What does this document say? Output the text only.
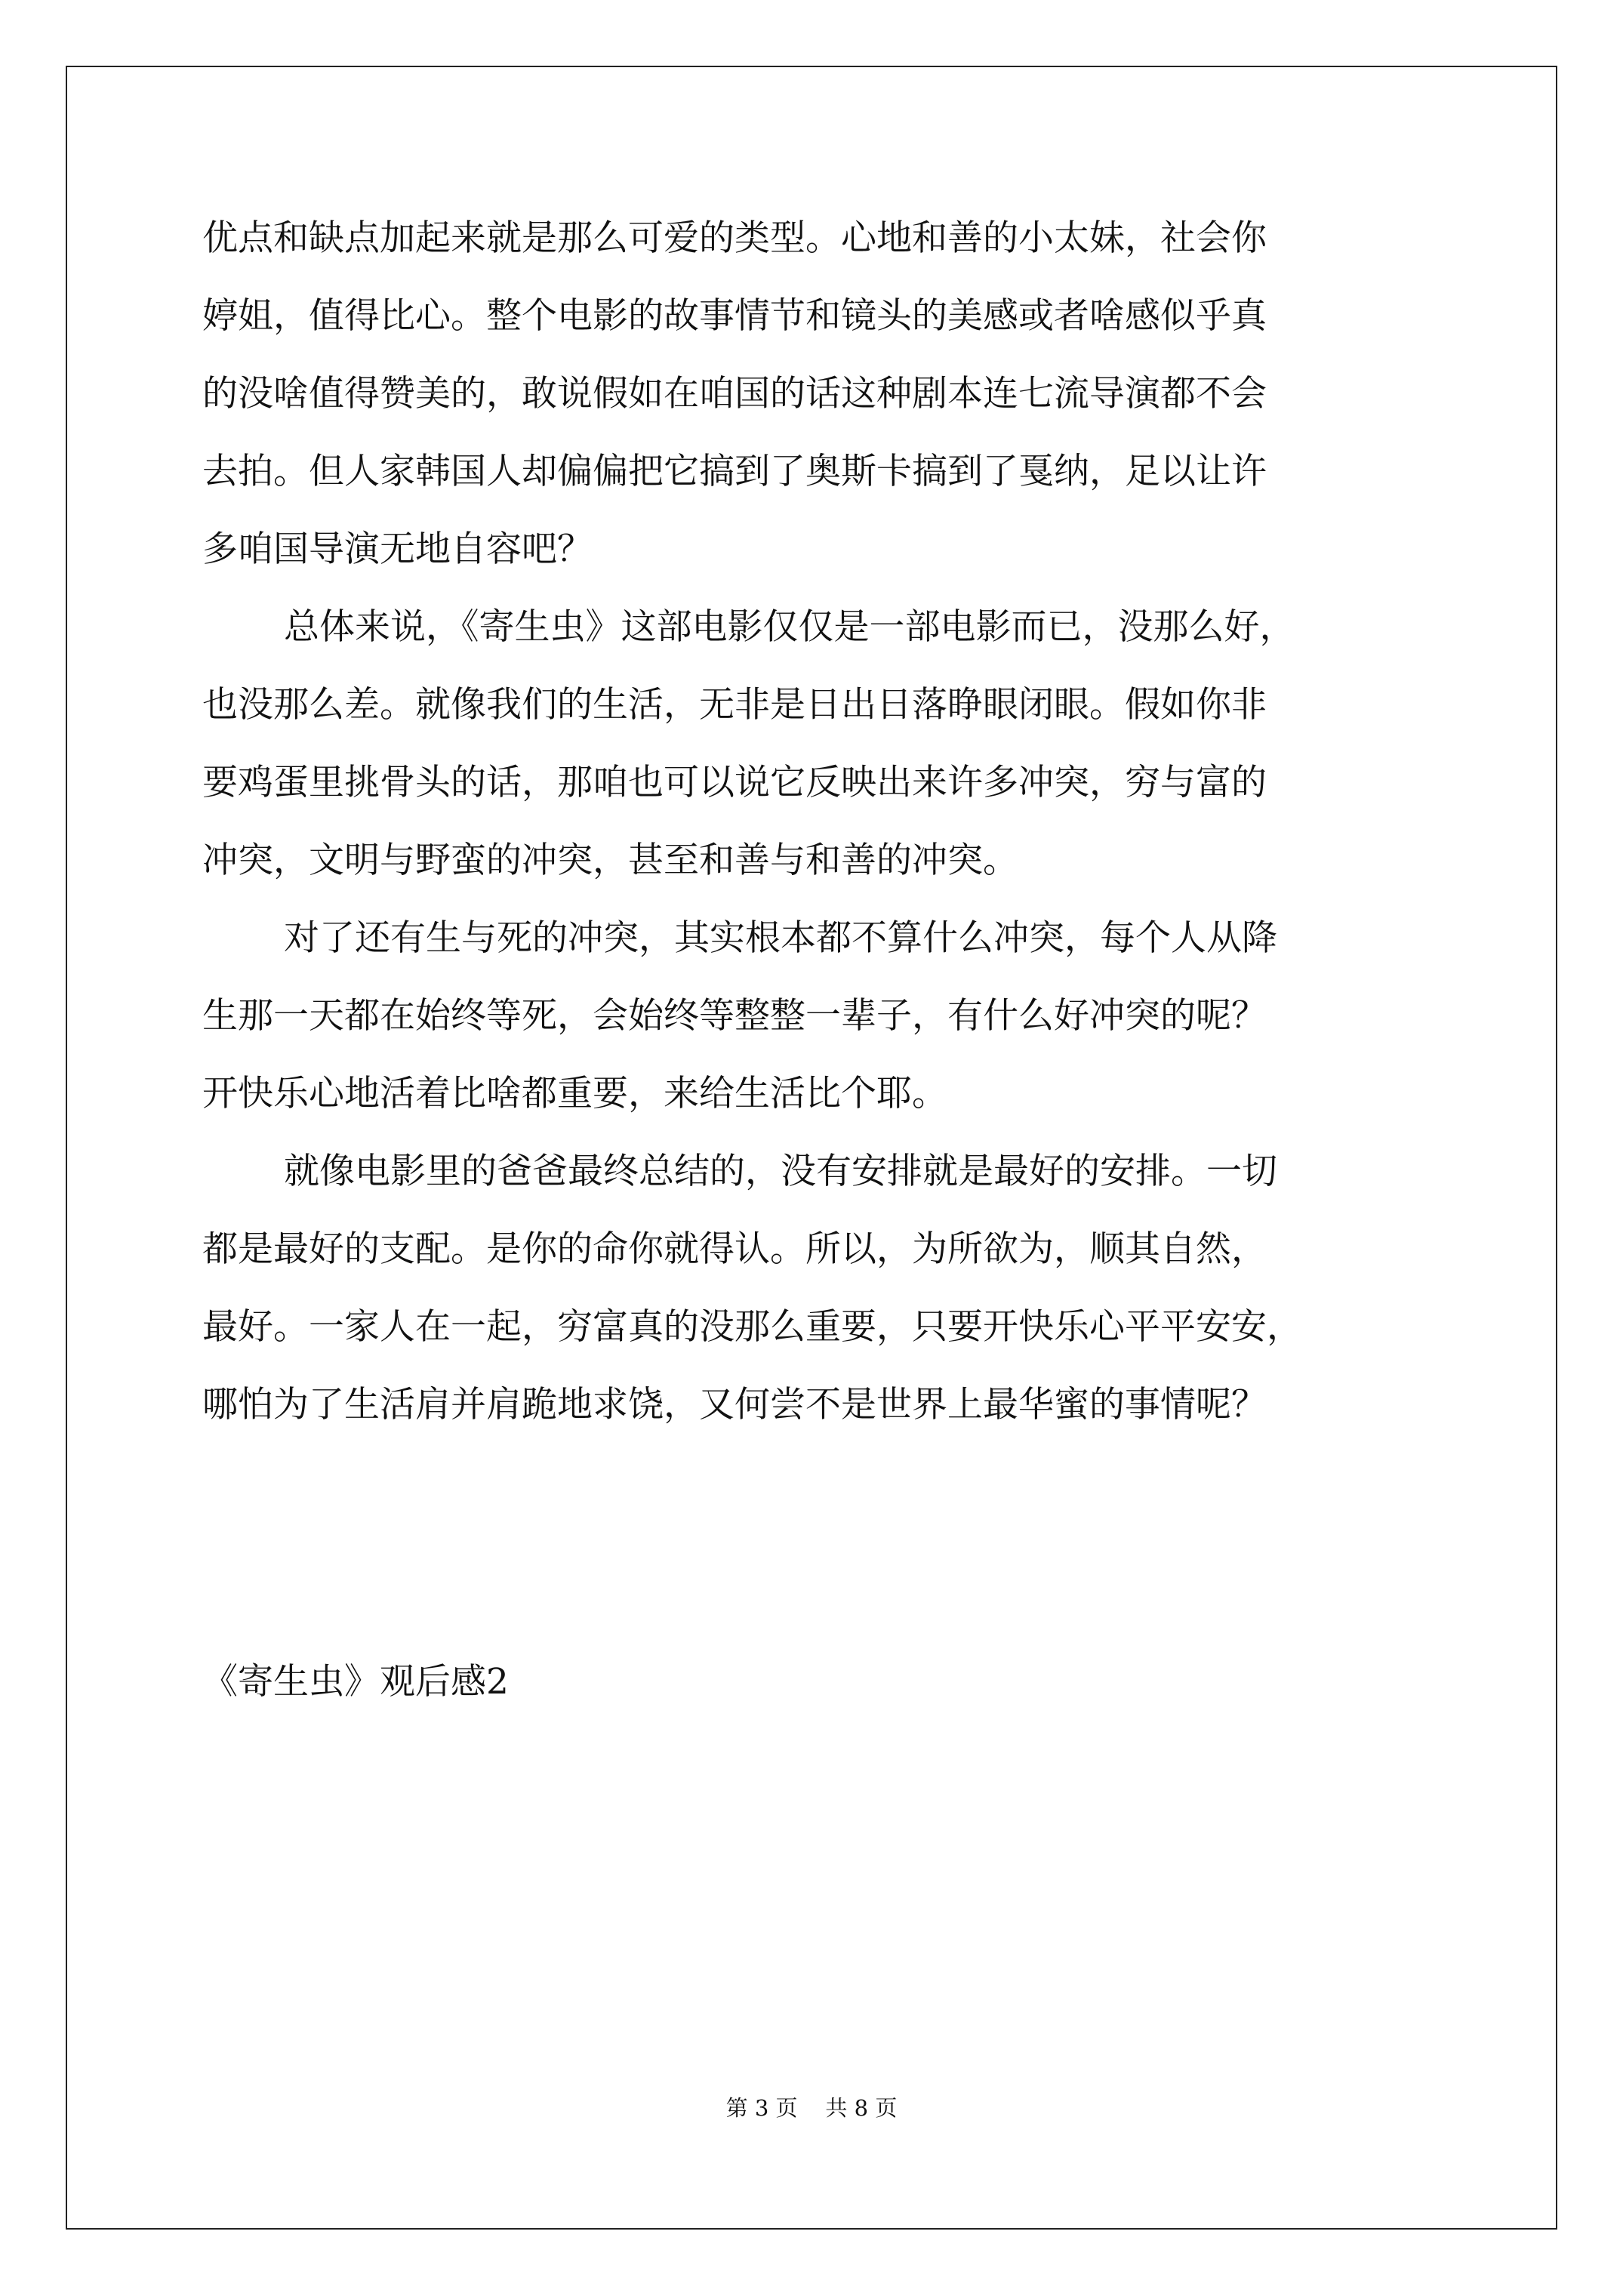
优点和缺点加起来就是那么可爱的类型。心地和善的小太妹，社会你
婷姐，值得比心。整个电影的故事情节和镜头的美感或者啥感似乎真
的没啥值得赞美的，敢说假如在咱国的话这种剧本连七流导演都不会
去拍。但人家韩国人却偏偏把它搞到了奥斯卡搞到了戛纳，足以让许
多咱国导演无地自容吧？
总体来说，《寄生虫》这部电影仅仅是一部电影而已，没那么好，
也没那么差。就像我们的生活，无非是日出日落睁眼闭眼。假如你非
要鸡蛋里挑骨头的话，那咱也可以说它反映出来许多冲突，穷与富的
冲突，文明与野蛮的冲突，甚至和善与和善的冲突。
对了还有生与死的冲突，其实根本都不算什么冲突，每个人从降
生那一天都在始终等死，会始终等整整一辈子，有什么好冲突的呢？
开快乐心地活着比啥都重要，来给生活比个耶。
就像电影里的爸爸最终总结的，没有安排就是最好的安排。一切
都是最好的支配。是你的命你就得认。所以，为所欲为，顺其自然，
最好。一家人在一起，穷富真的没那么重要，只要开快乐心平平安安，
哪怕为了生活肩并肩跪地求饶，又何尝不是世界上最华蜜的事情呢？
《寄生虫》观后感2
第 3 页    共 8 页
